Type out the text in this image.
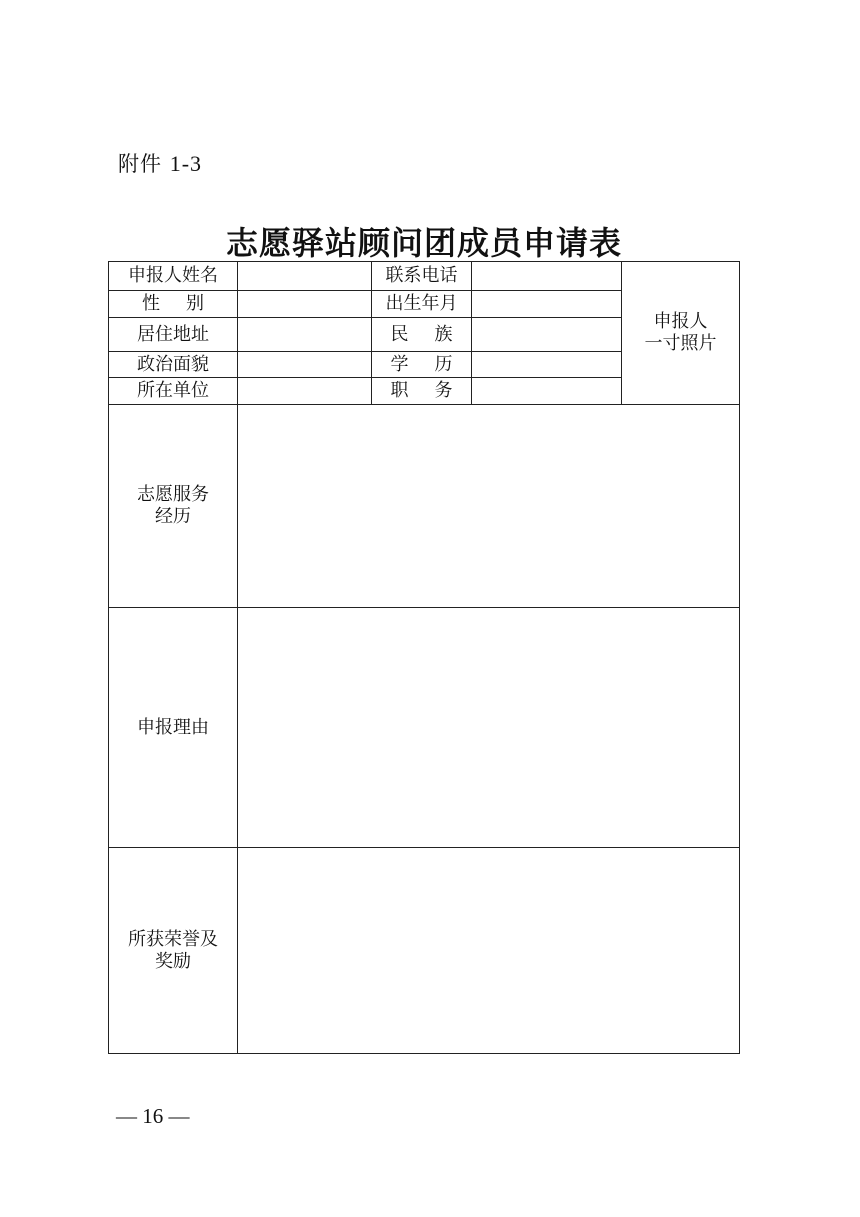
附件 1-3
志愿驿站顾问团成员申请表
申报人姓名		联系电话		申报人
一寸照片

性 别		出生年月		
居住地址		民 族		
政治面貌		学 历		
所在单位		职 务		

志愿服务
经历				

申报理由				

所获荣誉及
奖励				

— 16 —
